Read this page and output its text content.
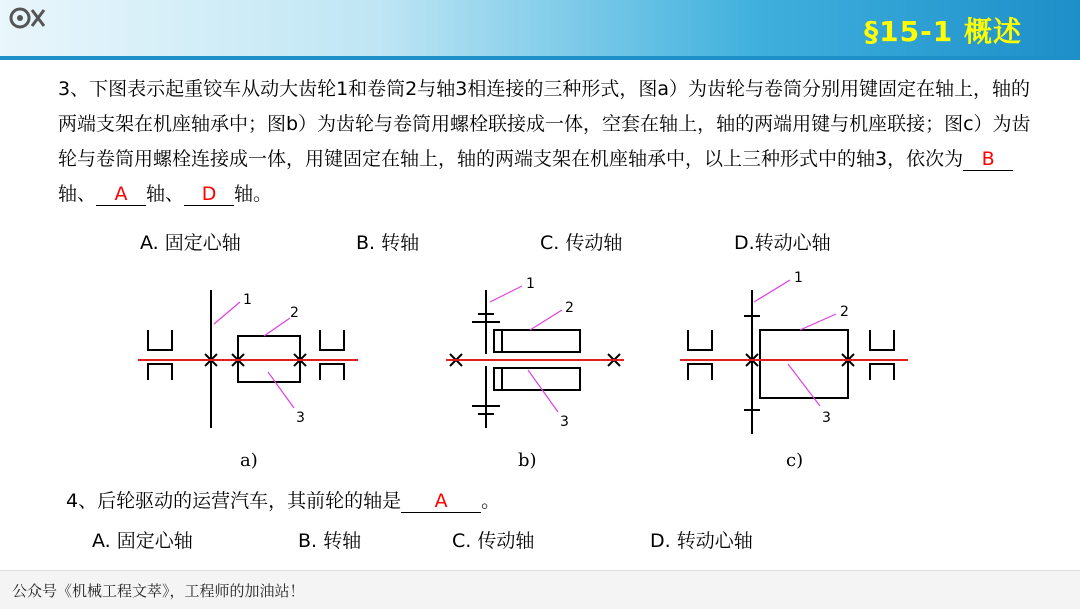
§15-1 概述
3、下图表示起重铰车从动大齿轮1和卷筒2与轴3相连接的三种形式，图a）为齿轮与卷筒分别用键固定在轴上，轴的两端支架在机座轴承中；图b）为齿轮与卷筒用螺栓联接成一体，空套在轴上，轴的两端用键与机座联接；图c）为齿轮与卷筒用螺栓连接成一体，用键固定在轴上，轴的两端支架在机座轴承中，以上三种形式中的轴3，依次为 B轴、 A 轴、 D 轴。
A. 固定心轴	B. 转轴	C. 传动轴	D.转动心轴
1
2
3
1
2
3
1
2
3
a)	b)	c)
4、后轮驱动的运营汽车，其前轮的轴是 A 。
A. 固定心轴	B. 转轴	C. 传动轴	D. 转动心轴
公众号《机械工程文萃》，工程师的加油站！
